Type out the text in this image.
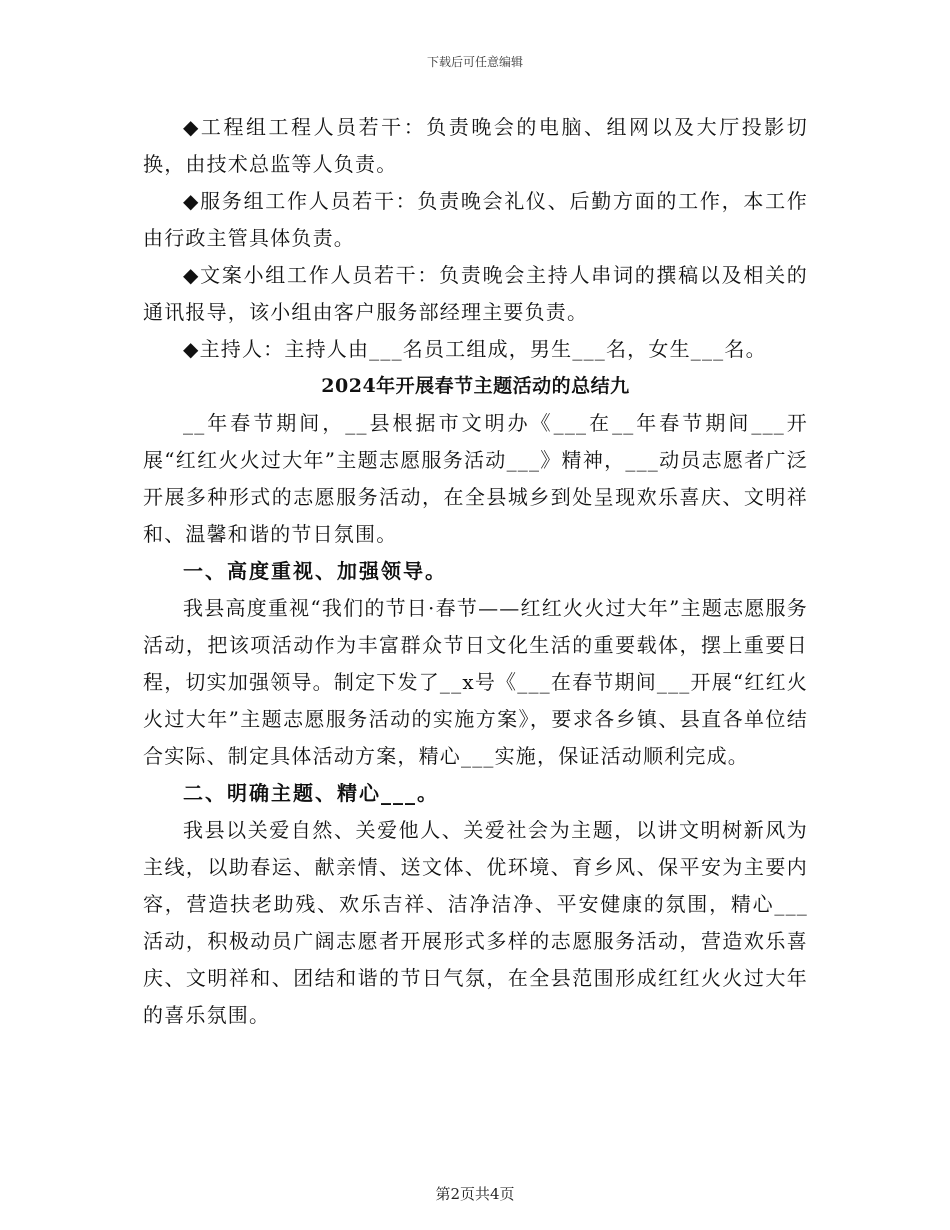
下载后可任意编辑

◆工程组工程人员若干：负责晚会的电脑、组网以及大厅投影切换，由技术总监等人负责。

◆服务组工作人员若干：负责晚会礼仪、后勤方面的工作，本工作由行政主管具体负责。

◆文案小组工作人员若干：负责晚会主持人串词的撰稿以及相关的通讯报导，该小组由客户服务部经理主要负责。

◆主持人：主持人由___名员工组成，男生___名，女生___名。

2024年开展春节主题活动的总结九

__年春节期间，__县根据市文明办《___在__年春节期间___开展“红红火火过大年”主题志愿服务活动___》精神，___动员志愿者广泛开展多种形式的志愿服务活动，在全县城乡到处呈现欢乐喜庆、文明祥和、温馨和谐的节日氛围。

一、高度重视、加强领导。

我县高度重视“我们的节日·春节——红红火火过大年”主题志愿服务活动，把该项活动作为丰富群众节日文化生活的重要载体，摆上重要日程，切实加强领导。制定下发了__x号《___在春节期间___开展“红红火火过大年”主题志愿服务活动的实施方案》，要求各乡镇、县直各单位结合实际、制定具体活动方案，精心___实施，保证活动顺利完成。

二、明确主题、精心___。

我县以关爱自然、关爱他人、关爱社会为主题，以讲文明树新风为主线，以助春运、献亲情、送文体、优环境、育乡风、保平安为主要内容，营造扶老助残、欢乐吉祥、洁净洁净、平安健康的氛围，精心___活动，积极动员广阔志愿者开展形式多样的志愿服务活动，营造欢乐喜庆、文明祥和、团结和谐的节日气氛，在全县范围形成红红火火过大年的喜乐氛围。

第2页共4页
